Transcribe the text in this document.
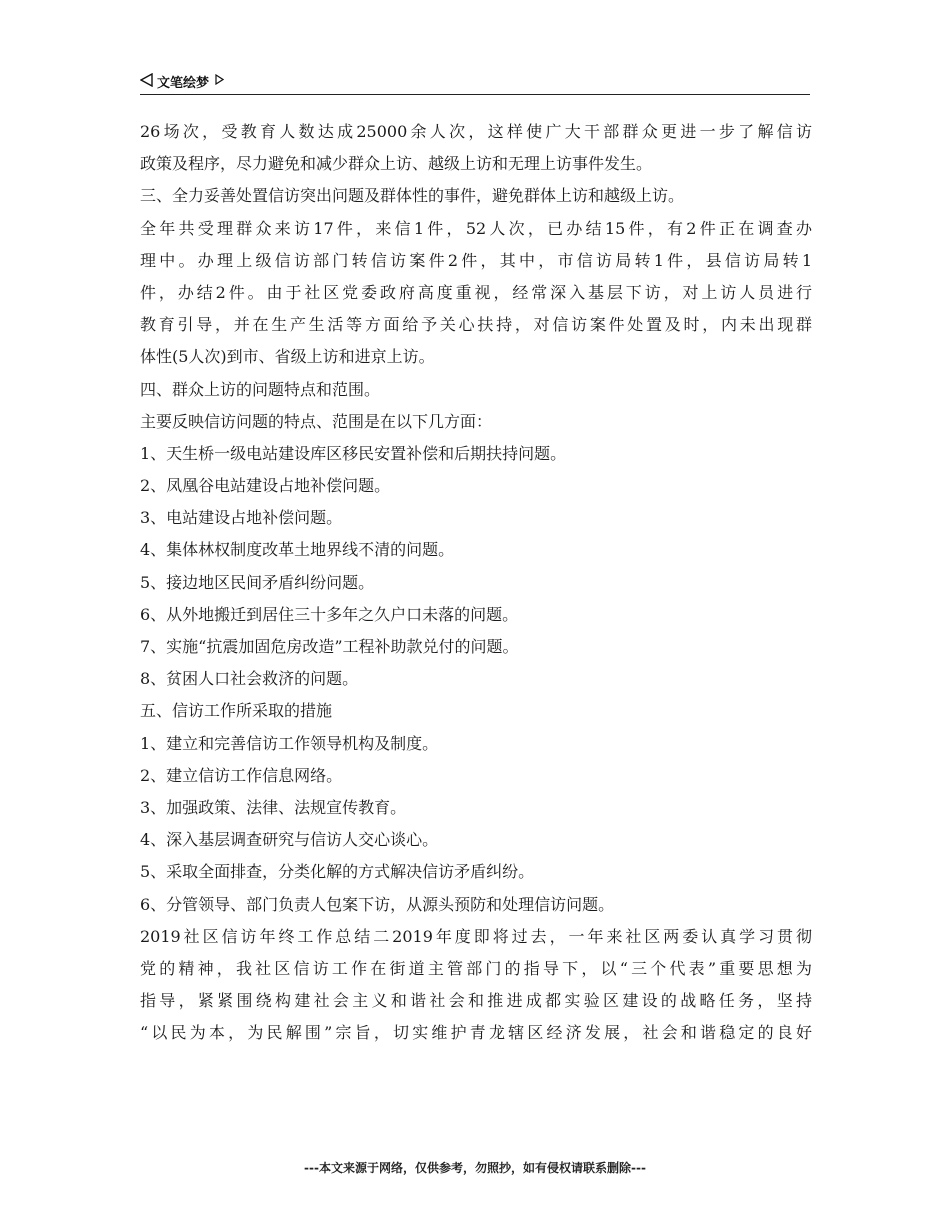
文笔绘梦
26场次，受教育人数达成25000余人次，这样使广大干部群众更进一步了解信访
政策及程序，尽力避免和减少群众上访、越级上访和无理上访事件发生。
三、全力妥善处置信访突出问题及群体性的事件，避免群体上访和越级上访。
全年共受理群众来访17件，来信1件，52人次，已办结15件，有2件正在调查办
理中。办理上级信访部门转信访案件2件，其中，市信访局转1件，县信访局转1
件，办结2件。由于社区党委政府高度重视，经常深入基层下访，对上访人员进行
教育引导，并在生产生活等方面给予关心扶持，对信访案件处置及时，内未出现群
体性(5人次)到市、省级上访和进京上访。
四、群众上访的问题特点和范围。
主要反映信访问题的特点、范围是在以下几方面：
1、天生桥一级电站建设库区移民安置补偿和后期扶持问题。
2、凤凰谷电站建设占地补偿问题。
3、电站建设占地补偿问题。
4、集体林权制度改革土地界线不清的问题。
5、接边地区民间矛盾纠纷问题。
6、从外地搬迁到居住三十多年之久户口未落的问题。
7、实施“抗震加固危房改造”工程补助款兑付的问题。
8、贫困人口社会救济的问题。
五、信访工作所采取的措施
1、建立和完善信访工作领导机构及制度。
2、建立信访工作信息网络。
3、加强政策、法律、法规宣传教育。
4、深入基层调查研究与信访人交心谈心。
5、采取全面排查，分类化解的方式解决信访矛盾纠纷。
6、分管领导、部门负责人包案下访，从源头预防和处理信访问题。
2019社区信访年终工作总结二2019年度即将过去，一年来社区两委认真学习贯彻
党的精神，我社区信访工作在街道主管部门的指导下，以“三个代表”重要思想为
指导，紧紧围绕构建社会主义和谐社会和推进成都实验区建设的战略任务，坚持
“以民为本，为民解围”宗旨，切实维护青龙辖区经济发展，社会和谐稳定的良好
---本文来源于网络，仅供参考，勿照抄，如有侵权请联系删除---
